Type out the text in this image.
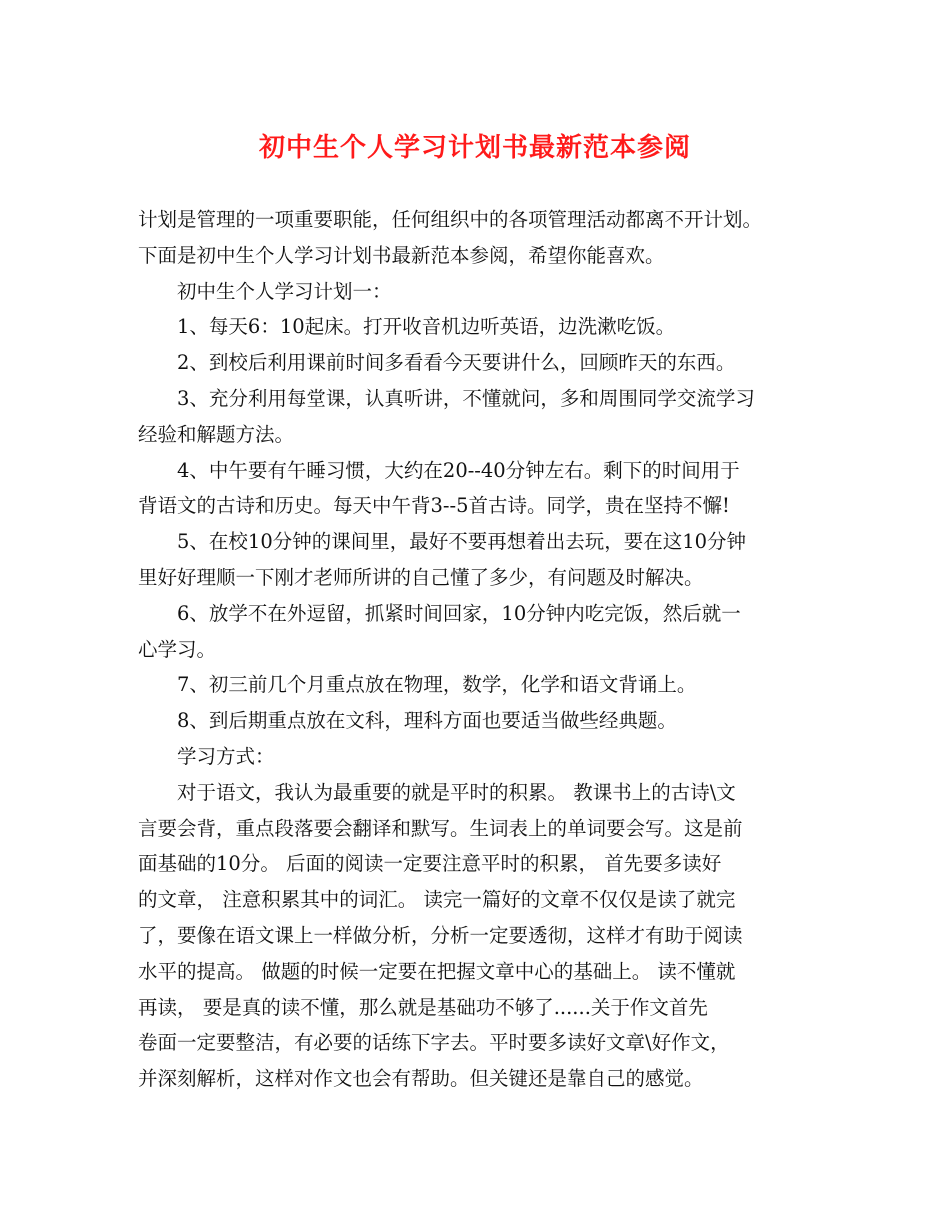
初中生个人学习计划书最新范本参阅
计划是管理的一项重要职能，任何组织中的各项管理活动都离不开计划。
下面是初中生个人学习计划书最新范本参阅，希望你能喜欢。
初中生个人学习计划一：
1、每天6：10起床。打开收音机边听英语，边洗漱吃饭。
2、到校后利用课前时间多看看今天要讲什么，回顾昨天的东西。
3、充分利用每堂课，认真听讲，不懂就问，多和周围同学交流学习
经验和解题方法。
4、中午要有午睡习惯，大约在20--40分钟左右。剩下的时间用于
背语文的古诗和历史。每天中午背3--5首古诗。同学，贵在坚持不懈!
5、在校10分钟的课间里，最好不要再想着出去玩，要在这10分钟
里好好理顺一下刚才老师所讲的自己懂了多少，有问题及时解决。
6、放学不在外逗留，抓紧时间回家，10分钟内吃完饭，然后就一
心学习。
7、初三前几个月重点放在物理，数学，化学和语文背诵上。
8、到后期重点放在文科，理科方面也要适当做些经典题。
学习方式：
对于语文，我认为最重要的就是平时的积累。 教课书上的古诗\文
言要会背，重点段落要会翻译和默写。生词表上的单词要会写。这是前
面基础的10分。 后面的阅读一定要注意平时的积累， 首先要多读好
的文章， 注意积累其中的词汇。 读完一篇好的文章不仅仅是读了就完
了，要像在语文课上一样做分析，分析一定要透彻，这样才有助于阅读
水平的提高。 做题的时候一定要在把握文章中心的基础上。 读不懂就
再读， 要是真的读不懂，那么就是基础功不够了......关于作文首先
卷面一定要整洁，有必要的话练下字去。平时要多读好文章\好作文，
并深刻解析，这样对作文也会有帮助。但关键还是靠自己的感觉。
